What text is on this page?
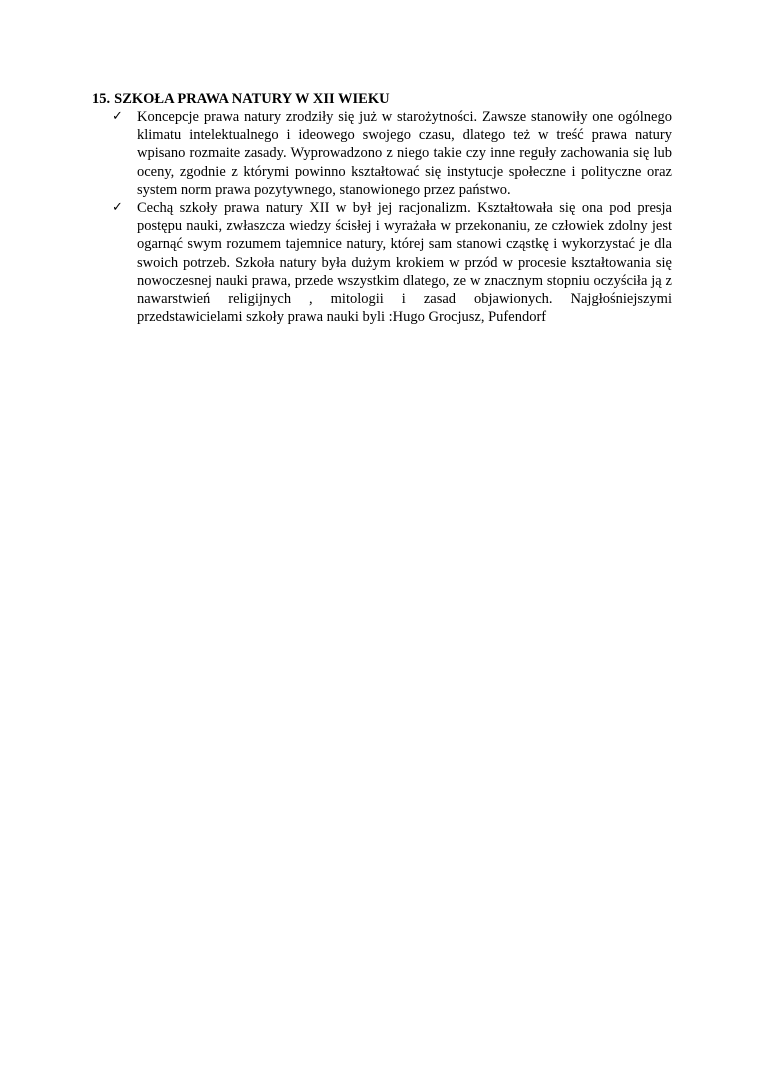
15. SZKOŁA PRAWA NATURY W XII WIEKU
✓ Koncepcje prawa natury zrodziły się już w starożytności. Zawsze stanowiły one ogólnego klimatu intelektualnego i ideowego swojego czasu, dlatego też w treść prawa natury wpisano rozmaite zasady. Wyprowadzono z niego takie czy inne reguły zachowania się lub oceny, zgodnie z którymi powinno kształtować się instytucje społeczne i polityczne oraz system norm prawa pozytywnego, stanowionego przez państwo.
✓ Cechą szkoły prawa natury XII w był jej racjonalizm. Kształtowała się ona pod presja postępu nauki, zwłaszcza wiedzy ścisłej i wyrażała w przekonaniu, ze człowiek zdolny jest ogarnąć swym rozumem tajemnice natury, której sam stanowi cząstkę i wykorzystać je dla swoich potrzeb. Szkoła natury była dużym krokiem w przód w procesie kształtowania się nowoczesnej nauki prawa, przede wszystkim dlatego, ze w znacznym stopniu oczyściła ją z nawarstwień religijnych , mitologii i zasad objawionych. Najgłośniejszymi przedstawicielami szkoły prawa nauki byli :Hugo Grocjusz, Pufendorf
